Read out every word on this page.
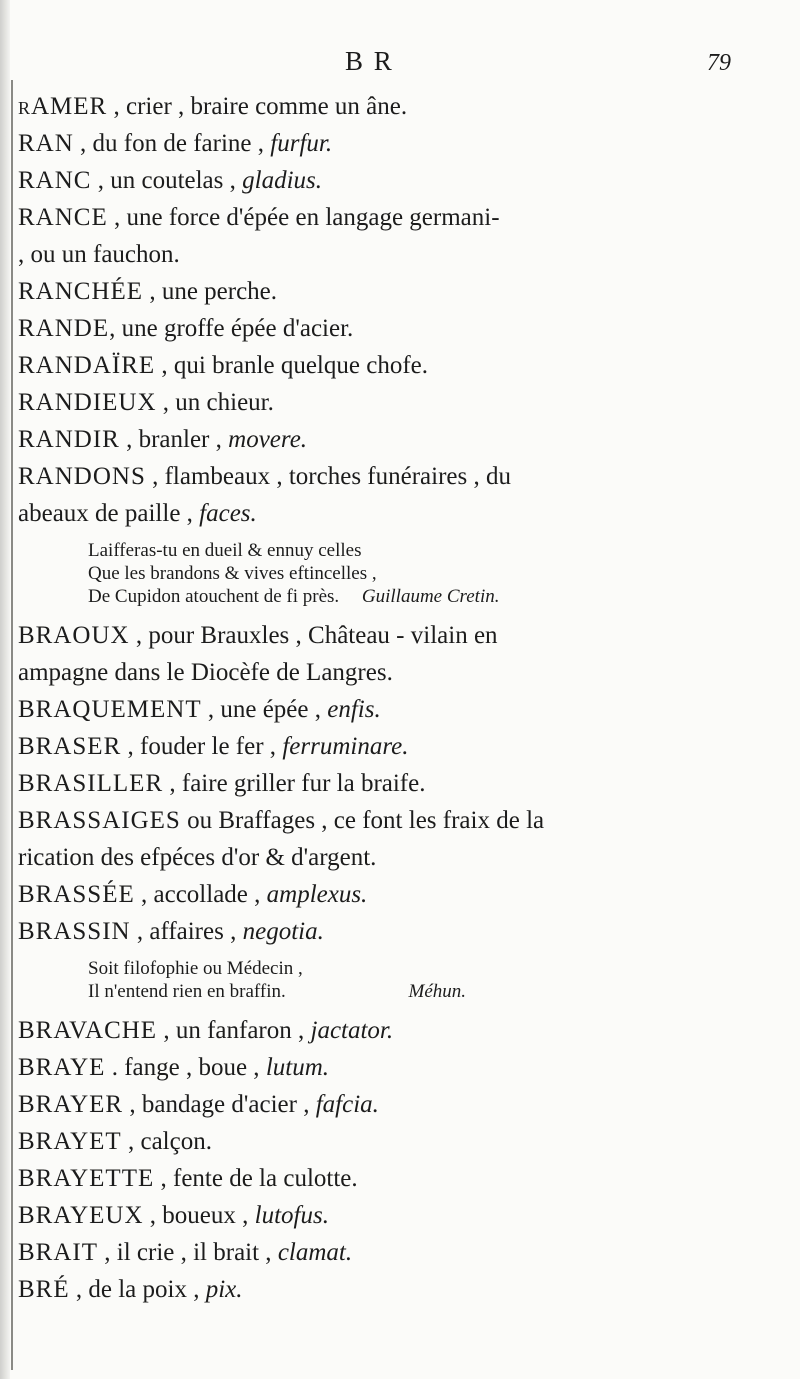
B R	79
rAMER , crier , braire comme un âne.
RAN , du fon de farine , furfur.
RANC , un coutelas , gladius.
RANCE , une force d'épée en langage germani-
, ou un fauchon.
RANCHÉE , une perche.
RANDE, une groffe épée d'acier.
RANDAÏRE , qui branle quelque chofe.
RANDIEUX , un chieur.
RANDIR , branler , movere.
RANDONS , flambeaux , torches funéraires , du
abeaux de paille , faces.
Laifferas-tu en dueil & ennuy celles
Que les brandons & vives eftincelles ,
De Cupidon atouchent de fi près. Guillaume Cretin.
BRAOUX , pour Brauxles , Château - vilain en
ampagne dans le Diocèfe de Langres.
BRAQUEMENT , une épée , enfis.
BRASER , fouder le fer , ferruminare.
BRASILLER , faire griller fur la braife.
BRASSAIGES ou Braffages , ce font les fraix de la
rication des efpéces d'or & d'argent.
BRASSÉE , accollade , amplexus.
BRASSIN , affaires , negotia.
Soit filofophie ou Médecin ,
Il n'entend rien en braffin.	Méhun.
BRAVACHE , un fanfaron , jactator.
BRAYE . fange , boue , lutum.
BRAYER , bandage d'acier , fafcia.
BRAYET , calçon.
BRAYETTE , fente de la culotte.
BRAYEUX , boueux , lutofus.
BRAIT , il crie , il brait , clamat.
BRÉ , de la poix , pix.
